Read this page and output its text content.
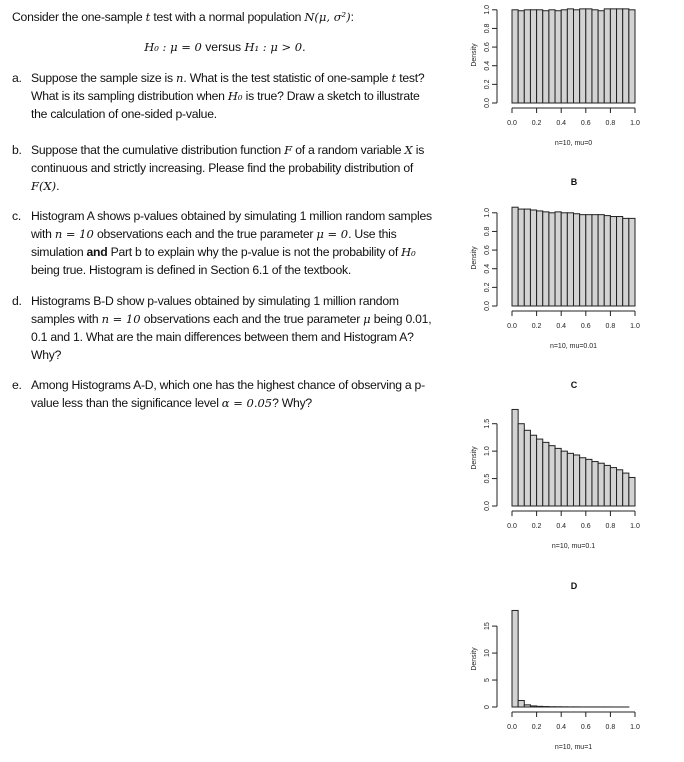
Consider the one-sample t test with a normal population N(μ, σ²):
H₀ : μ = 0 versus H₁ : μ > 0.
a. Suppose the sample size is n. What is the test statistic of one-sample t test? What is its sampling distribution when H₀ is true? Draw a sketch to illustrate the calculation of one-sided p-value.
b. Suppose that the cumulative distribution function F of a random variable X is continuous and strictly increasing. Please find the probability distribution of F(X).
c. Histogram A shows p-values obtained by simulating 1 million random samples with n = 10 observations each and the true parameter μ = 0. Use this simulation and Part b to explain why the p-value is not the probability of H₀ being true. Histogram is defined in Section 6.1 of the textbook.
d. Histograms B-D show p-values obtained by simulating 1 million random samples with n = 10 observations each and the true parameter μ being 0.01, 0.1 and 1. What are the main differences between them and Histogram A? Why?
e. Among Histograms A-D, which one has the highest chance of observing a p-value less than the significance level α = 0.05? Why?
B
C
D
0.0 0.2 0.4 0.6 0.8 1.0
0.0
0.2
0.4
0.6
0.8
1.0
Density
n=10, mu=0
0.0 0.2 0.4 0.6 0.8 1.0
0.0
0.2
0.4
0.6
0.8
1.0
Density
n=10, mu=0.01
0.0 0.2 0.4 0.6 0.8 1.0
0.0
0.5
1.0
1.5
Density
n=10, mu=0.1
0.0 0.2 0.4 0.6 0.8 1.0
0
5
10
15
Density
n=10, mu=1
